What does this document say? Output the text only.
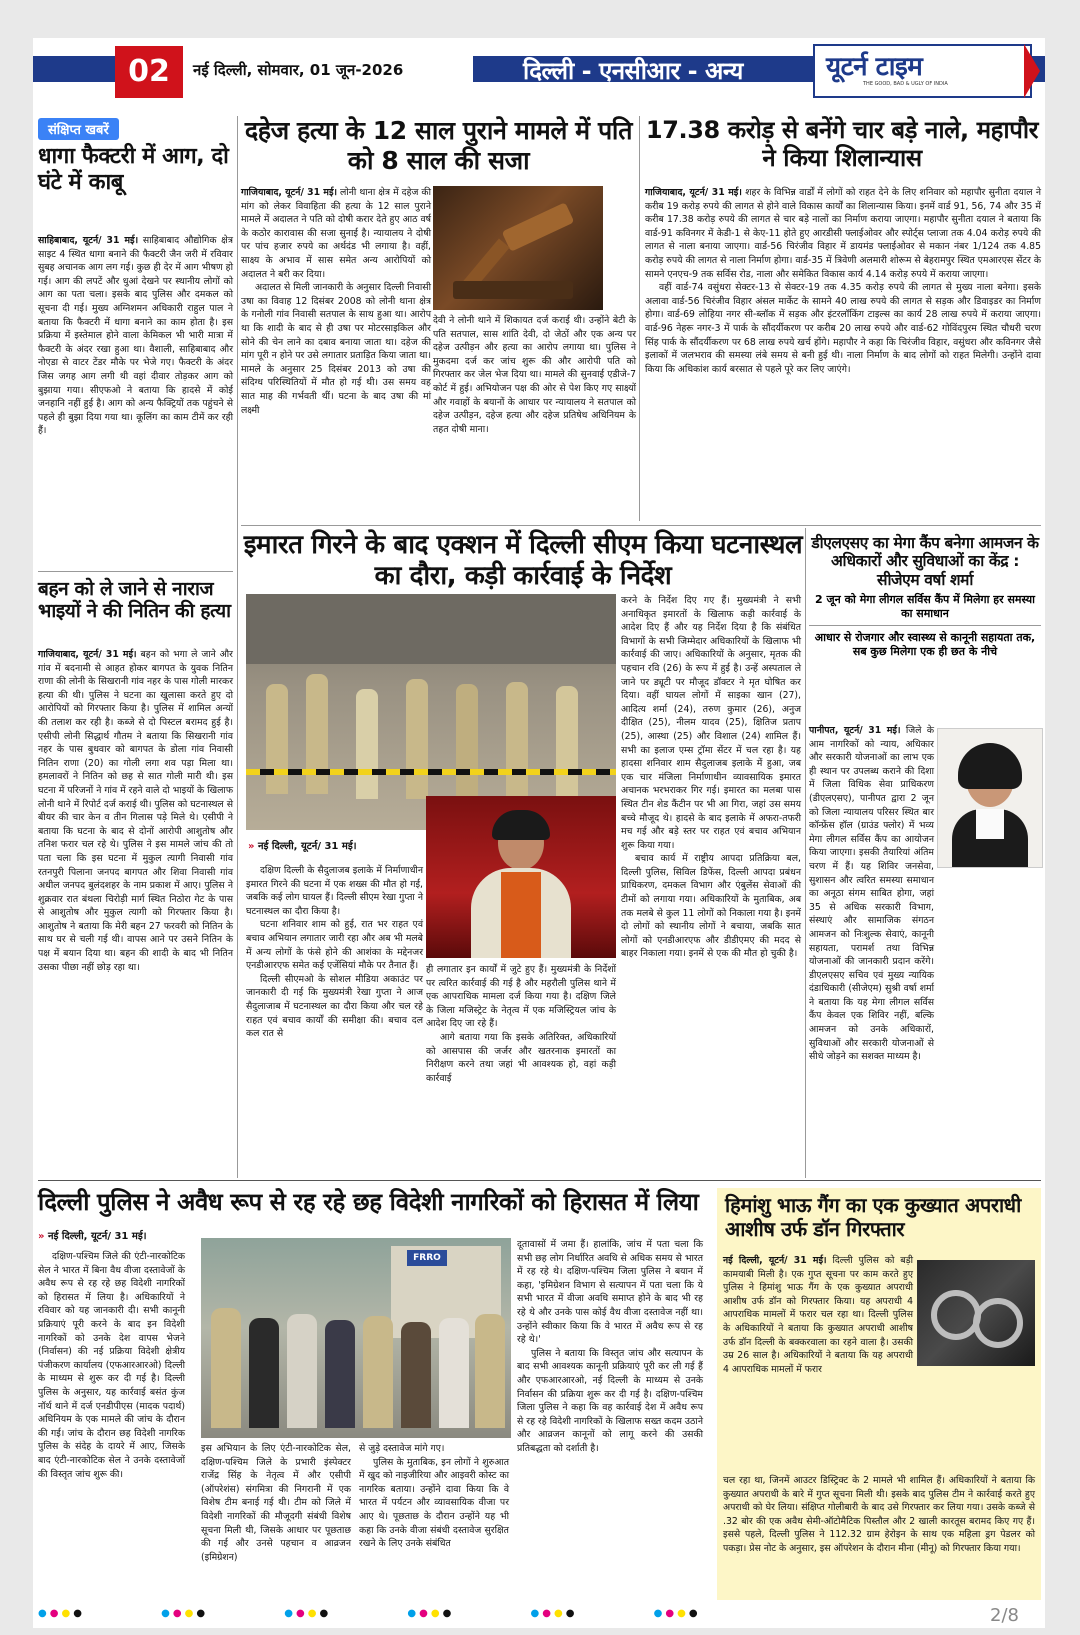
02	नई दिल्ली, सोमवार, 01 जून-2026	दिल्ली - एनसीआर - अन्य	यूटर्न टाइम
THE GOOD, BAD & UGLY OF INDIA
संक्षिप्त खबरें
धागा फैक्टरी में आग, दो घंटे में काबू

साहिबाबाद, यूटर्न/ 31 मई। साहिबाबाद औद्योगिक क्षेत्र साइट 4 स्थित धागा बनाने की फैक्टरी जैन जरी में रविवार सुबह अचानक आग लग गई। कुछ ही देर में आग भीषण हो गई। आग की लपटें और धुआं देखने पर स्थानीय लोगों को आग का पता चला। इसके बाद पुलिस और दमकल को सूचना दी गई। मुख्य अग्निशमन अधिकारी राहुल पाल ने बताया कि फैक्टरी में धागा बनाने का काम होता है। इस प्रक्रिया में इस्तेमाल होने वाला केमिकल भी भारी मात्रा में फैक्टरी के अंदर रखा हुआ था। वैशाली, साहिबाबाद और नोएडा से वाटर टेंडर मौके पर भेजे गए। फैक्टरी के अंदर जिस जगह आग लगी थी वहां दीवार तोड़कर आग को बुझाया गया। सीएफओ ने बताया कि हादसे में कोई जनहानि नहीं हुई है। आग को अन्य फैक्ट्रियों तक पहुंचने से पहले ही बुझा दिया गया था। कूलिंग का काम टीमें कर रही हैं।

बहन को ले जाने से नाराज भाइयों ने की नितिन की हत्या

गाजियाबाद, यूटर्न/ 31 मई। बहन को भगा ले जाने और गांव में बदनामी से आहत होकर बागपत के युवक नितिन राणा की लोनी के सिखरानी गांव नहर के पास गोली मारकर हत्या की थी। पुलिस ने घटना का खुलासा करते हुए दो आरोपियों को गिरफ्तार किया है। पुलिस में शामिल अन्यों की तलाश कर रही है। कब्जे से दो पिस्टल बरामद हुई है। एसीपी लोनी सिद्धार्थ गौतम ने बताया कि सिखरानी गांव नहर के पास बुधवार को बागपत के डोला गांव निवासी नितिन राणा (20) का गोली लगा शव पड़ा मिला था। हमलावरों ने नितिन को छह से सात गोली मारी थी। इस घटना में परिजनों ने गांव में रहने वाले दो भाइयों के खिलाफ लोनी थाने में रिपोर्ट दर्ज कराई थी। पुलिस को घटनास्थल से बीयर की चार केन व तीन गिलास पड़े मिले थे। एसीपी ने बताया कि घटना के बाद से दोनों आरोपी आशुतोष और तनिश फरार चल रहे थे। पुलिस ने इस मामले जांच की तो पता चला कि इस घटना में मुकुल त्यागी निवासी गांव रतनपुरी पिलाना जनपद बागपत और शिवा निवासी गांव अधील जनपद बुलंदशहर के नाम प्रकाश में आए। पुलिस ने शुक्रवार रात बंथला चिरोड़ी मार्ग स्थित निठोरा गेट के पास से आशुतोष और मुकुल त्यागी को गिरफ्तार किया है। आशुतोष ने बताया कि मेरी बहन 27 फरवरी को नितिन के साथ घर से चली गई थी। वापस आने पर उसने नितिन के पक्ष में बयान दिया था। बहन की शादी के बाद भी नितिन उसका पीछा नहीं छोड़ रहा था।

दहेज हत्या के 12 साल पुराने मामले में पति को 8 साल की सजा

गाजियाबाद, यूटर्न/ 31 मई। लोनी थाना क्षेत्र में दहेज की मांग को लेकर विवाहिता की हत्या के 12 साल पुराने मामले में अदालत ने पति को दोषी करार देते हुए आठ वर्ष के कठोर कारावास की सजा सुनाई है। न्यायालय ने दोषी पर पांच हजार रुपये का अर्थदंड भी लगाया है। वहीं, साक्ष्य के अभाव में सास समेत अन्य आरोपियों को अदालत ने बरी कर दिया।

अदालत से मिली जानकारी के अनुसार दिल्ली निवासी उषा का विवाह 12 दिसंबर 2008 को लोनी थाना क्षेत्र के गनोली गांव निवासी सतपाल के साथ हुआ था। आरोप था कि शादी के बाद से ही उषा पर मोटरसाइकिल और सोने की चेन लाने का दबाव बनाया जाता था। दहेज की मांग पूरी न होने पर उसे लगातार प्रताड़ित किया जाता था। मामले के अनुसार 25 दिसंबर 2013 को उषा की संदिग्ध परिस्थितियों में मौत हो गई थी। उस समय वह सात माह की गर्भवती थीं। घटना के बाद उषा की मां लक्ष्मी

देवी ने लोनी थाने में शिकायत दर्ज कराई थी। उन्होंने बेटी के पति सतपाल, सास शांति देवी, दो जेठों और एक अन्य पर दहेज उत्पीड़न और हत्या का आरोप लगाया था। पुलिस ने मुकदमा दर्ज कर जांच शुरू की और आरोपी पति को गिरफ्तार कर जेल भेज दिया था। मामले की सुनवाई एडीजे-7 कोर्ट में हुई। अभियोजन पक्ष की ओर से पेश किए गए साक्ष्यों और गवाहों के बयानों के आधार पर न्यायालय ने सतपाल को दहेज उत्पीड़न, दहेज हत्या और दहेज प्रतिषेध अधिनियम के तहत दोषी माना।

17.38 करोड़ से बनेंगे चार बड़े नाले, महापौर ने किया शिलान्यास

गाजियाबाद, यूटर्न/ 31 मई। शहर के विभिन्न वार्डों में लोगों को राहत देने के लिए शनिवार को महापौर सुनीता दयाल ने करीब 19 करोड़ रुपये की लागत से होने वाले विकास कार्यों का शिलान्यास किया। इनमें वार्ड 91, 56, 74 और 35 में करीब 17.38 करोड़ रुपये की लागत से चार बड़े नालों का निर्माण कराया जाएगा। महापौर सुनीता दयाल ने बताया कि वार्ड-91 कविनगर में केडी-1 से केए-11 होते हुए आरडीसी फ्लाईओवर और स्पोर्ट्स प्लाजा तक 4.04 करोड़ रुपये की लागत से नाला बनाया जाएगा। वार्ड-56 चिरंजीव विहार में डायमंड फ्लाईओवर से मकान नंबर 1/124 तक 4.85 करोड़ रुपये की लागत से नाला निर्माण होगा। वार्ड-35 में त्रिवेणी अलमारी शोरूम से बेहरामपुर स्थित एमआरएस सेंटर के सामने एनएच-9 तक सर्विस रोड, नाला और समेकित विकास कार्य 4.14 करोड़ रुपये में कराया जाएगा।

वहीं वार्ड-74 वसुंधरा सेक्टर-13 से सेक्टर-19 तक 4.35 करोड़ रुपये की लागत से मुख्य नाला बनेगा। इसके अलावा वार्ड-56 चिरंजीव विहार अंसल मार्केट के सामने 40 लाख रुपये की लागत से सड़क और डिवाइडर का निर्माण होगा। वार्ड-69 लोहिया नगर सी-ब्लॉक में सड़क और इंटरलॉकिंग टाइल्स का कार्य 28 लाख रुपये में कराया जाएगा। वार्ड-96 नेहरू नगर-3 में पार्क के सौंदर्यीकरण पर करीब 20 लाख रुपये और वार्ड-62 गोविंदपुरम स्थित चौधरी चरण सिंह पार्क के सौंदर्यीकरण पर 68 लाख रुपये खर्च होंगे। महापौर ने कहा कि चिरंजीव विहार, वसुंधरा और कविनगर जैसे इलाकों में जलभराव की समस्या लंबे समय से बनी हुई थी। नाला निर्माण के बाद लोगों को राहत मिलेगी। उन्होंने दावा किया कि अधिकांश कार्य बरसात से पहले पूरे कर लिए जाएंगे।

इमारत गिरने के बाद एक्शन में दिल्ली सीएम किया घटनास्थल का दौरा, कड़ी कार्रवाई के निर्देश
» नई दिल्ली, यूटर्न/ 31 मई।

दक्षिण दिल्ली के सैदुलाजब इलाके में निर्माणाधीन इमारत गिरने की घटना में एक शख्स की मौत हो गई, जबकि कई लोग घायल हैं। दिल्ली सीएम रेखा गुप्ता ने घटनास्थल का दौरा किया है।

घटना शनिवार शाम को हुई, रात भर राहत एवं बचाव अभियान लगातार जारी रहा और अब भी मलबे में अन्य लोगों के फंसे होने की आशंका के मद्देनजर एनडीआरएफ समेत कई एजेंसियां मौके पर तैनात हैं।

दिल्ली सीएमओ के सोशल मीडिया अकाउंट पर जानकारी दी गई कि मुख्यमंत्री रेखा गुप्ता ने आज सैदुलाजाब में घटनास्थल का दौरा किया और चल रहे राहत एवं बचाव कार्यों की समीक्षा की। बचाव दल कल रात से

ही लगातार इन कार्यों में जुटे हुए हैं। मुख्यमंत्री के निर्देशों पर त्वरित कार्रवाई की गई है और महरौली पुलिस थाने में एक आपराधिक मामला दर्ज किया गया है। दक्षिण जिले के जिला मजिस्ट्रेट के नेतृत्व में एक मजिस्ट्रियल जांच के आदेश दिए जा रहे हैं।

आगे बताया गया कि इसके अतिरिक्त, अधिकारियों को आसपास की जर्जर और खतरनाक इमारतों का निरीक्षण करने तथा जहां भी आवश्यक हो, वहां कड़ी कार्रवाई

करने के निर्देश दिए गए हैं। मुख्यमंत्री ने सभी अनाधिकृत इमारतों के खिलाफ कड़ी कार्रवाई के आदेश दिए हैं और यह निर्देश दिया है कि संबंधित विभागों के सभी जिम्मेदार अधिकारियों के खिलाफ भी कार्रवाई की जाए। अधिकारियों के अनुसार, मृतक की पहचान रवि (26) के रूप में हुई है। उन्हें अस्पताल ले जाने पर ड्यूटी पर मौजूद डॉक्टर ने मृत घोषित कर दिया। वहीं घायल लोगों में साइका खान (27), आदित्य शर्मा (24), तरुण कुमार (26), अनुज दीक्षित (25), नीलम यादव (25), क्षितिज प्रताप (25), आस्था (25) और विशाल (24) शामिल हैं। सभी का इलाज एम्स ट्रॉमा सेंटर में चल रहा है। यह हादसा शनिवार शाम सैदुलाजब इलाके में हुआ, जब एक चार मंजिला निर्माणाधीन व्यावसायिक इमारत अचानक भरभराकर गिर गई। इमारत का मलबा पास स्थित टीन शेड कैंटीन पर भी आ गिरा, जहां उस समय बच्चे मौजूद थे। हादसे के बाद इलाके में अफरा-तफरी मच गई और बड़े स्तर पर राहत एवं बचाव अभियान शुरू किया गया।

बचाव कार्य में राष्ट्रीय आपदा प्रतिक्रिया बल, दिल्ली पुलिस, सिविल डिफेंस, दिल्ली आपदा प्रबंधन प्राधिकरण, दमकल विभाग और एंबुलेंस सेवाओं की टीमों को लगाया गया। अधिकारियों के मुताबिक, अब तक मलबे से कुल 11 लोगों को निकाला गया है। इनमें दो लोगों को स्थानीय लोगों ने बचाया, जबकि सात लोगों को एनडीआरएफ और डीडीएमए की मदद से बाहर निकाला गया। इनमें से एक की मौत हो चुकी है।

डीएलएसए का मेगा कैंप बनेगा आमजन के अधिकारों और सुविधाओं का केंद्र : सीजेएम वर्षा शर्मा
2 जून को मेगा लीगल सर्विस कैंप में मिलेगा हर समस्या का समाधान
आधार से रोजगार और स्वास्थ्य से कानूनी सहायता तक, सब कुछ मिलेगा एक ही छत के नीचे

पानीपत, यूटर्न/ 31 मई। जिले के आम नागरिकों को न्याय, अधिकार और सरकारी योजनाओं का लाभ एक ही स्थान पर उपलब्ध कराने की दिशा में जिला विधिक सेवा प्राधिकरण (डीएलएसए), पानीपत द्वारा 2 जून को जिला न्यायालय परिसर स्थित बार कॉन्फ्रेंस हॉल (ग्राउंड फ्लोर) में भव्य मेगा लीगल सर्विस कैंप का आयोजन किया जाएगा। इसकी तैयारियां अंतिम चरण में हैं। यह शिविर जनसेवा, सुशासन और त्वरित समस्या समाधान का अनूठा संगम साबित होगा, जहां 35 से अधिक सरकारी विभाग, संस्थाएं और सामाजिक संगठन आमजन को निःशुल्क सेवाएं, कानूनी सहायता, परामर्श तथा विभिन्न योजनाओं की जानकारी प्रदान करेंगे। डीएलएसए सचिव एवं मुख्य न्यायिक दंडाधिकारी (सीजेएम) सुश्री वर्षा शर्मा ने बताया कि यह मेगा लीगल सर्विस कैंप केवल एक शिविर नहीं, बल्कि आमजन को उनके अधिकारों, सुविधाओं और सरकारी योजनाओं से सीधे जोड़ने का सशक्त माध्यम है।

दिल्ली पुलिस ने अवैध रूप से रह रहे छह विदेशी नागरिकों को हिरासत में लिया
» नई दिल्ली, यूटर्न/ 31 मई।

दक्षिण-पश्चिम जिले की एंटी-नारकोटिक सेल ने भारत में बिना वैध वीजा दस्तावेजों के अवैध रूप से रह रहे छह विदेशी नागरिकों को हिरासत में लिया है। अधिकारियों ने रविवार को यह जानकारी दी। सभी कानूनी प्रक्रियाएं पूरी करने के बाद इन विदेशी नागरिकों को उनके देश वापस भेजने (निर्वासन) की नई प्रक्रिया विदेशी क्षेत्रीय पंजीकरण कार्यालय (एफआरआरओ) दिल्ली के माध्यम से शुरू कर दी गई है। दिल्ली पुलिस के अनुसार, यह कार्रवाई बसंत कुंज नॉर्थ थाने में दर्ज एनडीपीएस (मादक पदार्थ) अधिनियम के एक मामले की जांच के दौरान की गई। जांच के दौरान छह विदेशी नागरिक पुलिस के संदेह के दायरे में आए, जिसके बाद एंटी-नारकोटिक सेल ने उनके दस्तावेजों की विस्तृत जांच शुरू की।

FRRO

इस अभियान के लिए एंटी-नारकोटिक सेल, दक्षिण-पश्चिम जिले के प्रभारी इंस्पेक्टर राजेंद्र सिंह के नेतृत्व में और एसीपी (ऑपरेशंस) संगमित्रा की निगरानी में एक विशेष टीम बनाई गई थी। टीम को जिले में विदेशी नागरिकों की मौजूदगी संबंधी विशेष सूचना मिली थी, जिसके आधार पर पूछताछ की गई और उनसे पहचान व आव्रजन (इमिग्रेशन)

से जुड़े दस्तावेज मांगे गए।

पुलिस के मुताबिक, इन लोगों ने शुरुआत में खुद को नाइजीरिया और आइवरी कोस्ट का नागरिक बताया। उन्होंने दावा किया कि वे भारत में पर्यटन और व्यावसायिक वीजा पर आए थे। पूछताछ के दौरान उन्होंने यह भी कहा कि उनके वीजा संबंधी दस्तावेज सुरक्षित रखने के लिए उनके संबंधित

दूतावासों में जमा हैं। हालांकि, जांच में पता चला कि सभी छह लोग निर्धारित अवधि से अधिक समय से भारत में रह रहे थे। दक्षिण-पश्चिम जिला पुलिस ने बयान में कहा, 'इमिग्रेशन विभाग से सत्यापन में पता चला कि ये सभी भारत में वीजा अवधि समाप्त होने के बाद भी रह रहे थे और उनके पास कोई वैध वीजा दस्तावेज नहीं था। उन्होंने स्वीकार किया कि वे भारत में अवैध रूप से रह रहे थे।'

पुलिस ने बताया कि विस्तृत जांच और सत्यापन के बाद सभी आवश्यक कानूनी प्रक्रियाएं पूरी कर ली गई हैं और एफआरआरओ, नई दिल्ली के माध्यम से उनके निर्वासन की प्रक्रिया शुरू कर दी गई है। दक्षिण-पश्चिम जिला पुलिस ने कहा कि वह कार्रवाई देश में अवैध रूप से रह रहे विदेशी नागरिकों के खिलाफ सख्त कदम उठाने और आव्रजन कानूनों को लागू करने की उसकी प्रतिबद्धता को दर्शाती है।

हिमांशु भाऊ गैंग का एक कुख्यात अपराधी आशीष उर्फ डॉन गिरफ्तार

नई दिल्ली, यूटर्न/ 31 मई। दिल्ली पुलिस को बड़ी कामयाबी मिली है। एक गुप्त सूचना पर काम करते हुए पुलिस ने हिमांशु भाऊ गैंग के एक कुख्यात अपराधी आशीष उर्फ डॉन को गिरफ्तार किया। यह अपराधी 4 आपराधिक मामलों में फरार चल रहा था। दिल्ली पुलिस के अधिकारियों ने बताया कि कुख्यात अपराधी आशीष उर्फ डॉन दिल्ली के बक्करवाला का रहने वाला है। उसकी उम्र 26 साल है। अधिकारियों ने बताया कि यह अपराधी 4 आपराधिक मामलों में फरार

चल रहा था, जिनमें आउटर डिस्ट्रिक्ट के 2 मामले भी शामिल हैं। अधिकारियों ने बताया कि कुख्यात अपराधी के बारे में गुप्त सूचना मिली थी। इसके बाद पुलिस टीम ने कार्रवाई करते हुए अपराधी को घेर लिया। संक्षिप्त गोलीबारी के बाद उसे गिरफ्तार कर लिया गया। उसके कब्जे से .32 बोर की एक अवैध सेमी-ऑटोमैटिक पिस्तौल और 2 खाली कारतूस बरामद किए गए हैं। इससे पहले, दिल्ली पुलिस ने 112.32 ग्राम हेरोइन के साथ एक महिला ड्रग पेडलर को पकड़ा। प्रेस नोट के अनुसार, इस ऑपरेशन के दौरान मीना (मीनू) को गिरफ्तार किया गया।

●●●●	●●●●	●●●●	●●●●	●●●●	●●●●	2/8
